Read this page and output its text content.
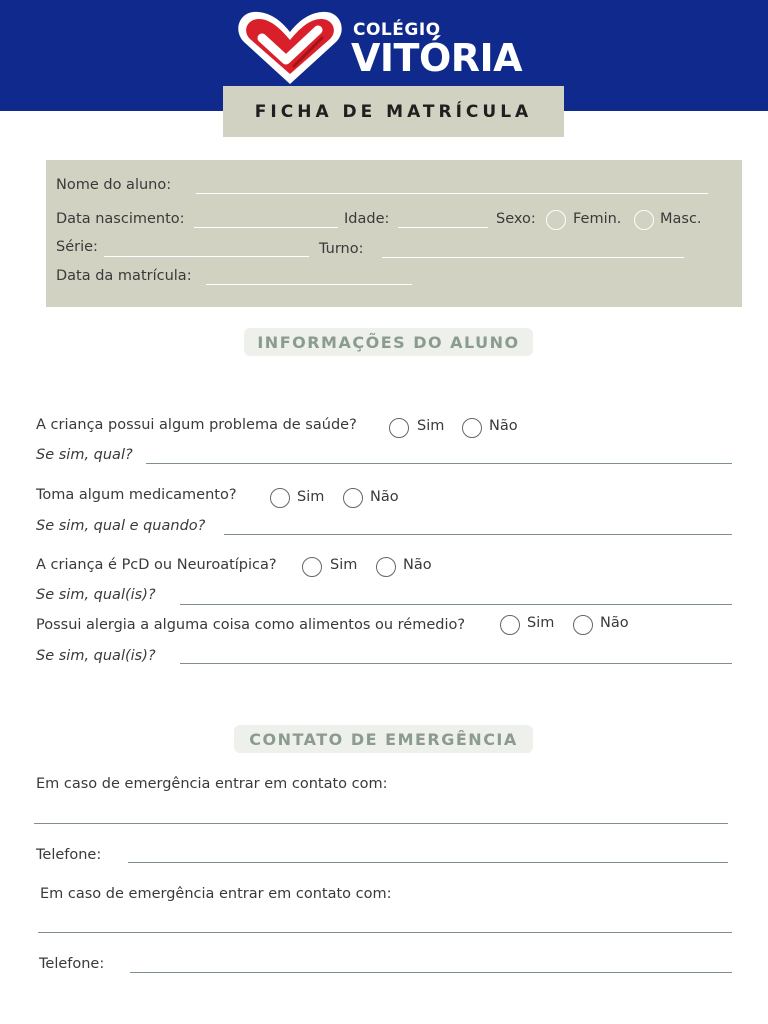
COLÉGIO
VITÓRIA
FICHA DE MATRÍCULA
Nome do aluno:
Data nascimento:	Idade:	Sexo:	Femin.	Masc.
Série:	Turno:
Data da matrícula:
INFORMAÇÕES DO ALUNO
A criança possui algum problema de saúde?	Sim	Não
Se sim, qual?
Toma algum medicamento?	Sim	Não
Se sim, qual e quando?
A criança é PcD ou Neuroatípica?	Sim	Não
Se sim, qual(is)?
Possui alergia a alguma coisa como alimentos ou rémedio?	Sim	Não
Se sim, qual(is)?
CONTATO DE EMERGÊNCIA
Em caso de emergência entrar em contato com:
Telefone:
Em caso de emergência entrar em contato com:
Telefone:
